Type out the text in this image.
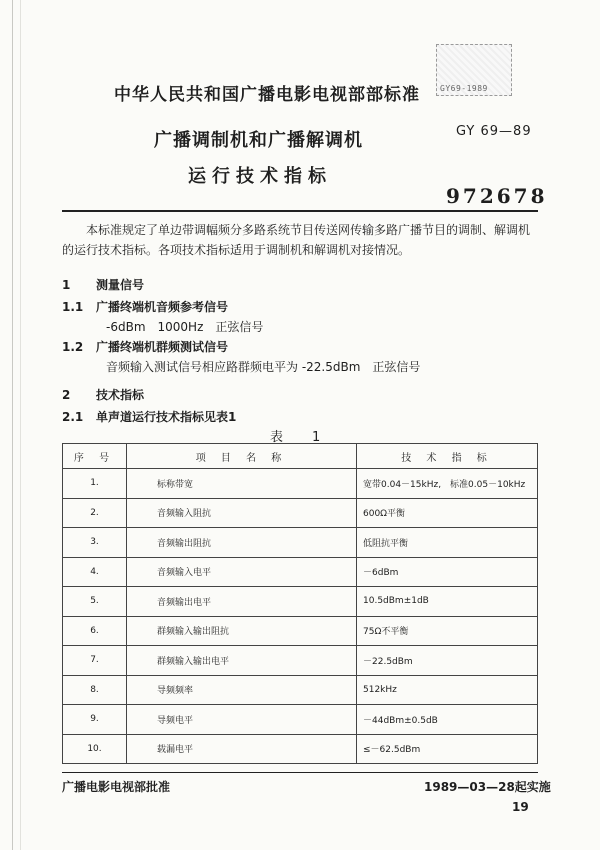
GY69-1989
中华人民共和国广播电影电视部部标准
广播调制机和广播解调机	GY 69—89
运行技术指标
972678
本标准规定了单边带调幅频分多路系统节目传送网传输多路广播节目的调制、解调机的运行技术指标。各项技术指标适用于调制机和解调机对接情况。
1 测量信号
1.1 广播终端机音频参考信号
-6dBm　1000Hz　正弦信号
1.2 广播终端机群频测试信号
音频输入测试信号相应路群频电平为 -22.5dBm　正弦信号
2 技术指标
2.1 单声道运行技术指标见表1
表　1
序 号	项 目 名 称	技 术 指 标
1.	标称带宽	宽带0.04－15kHz,　标准0.05－10kHz
2.	音频输入阻抗	600Ω平衡
3.	音频输出阻抗	低阻抗平衡
4.	音频输入电平	－6dBm
5.	音频输出电平	10.5dBm±1dB
6.	群频输入输出阻抗	75Ω不平衡
7.	群频输入输出电平	－22.5dBm
8.	导频频率	512kHz
9.	导频电平	－44dBm±0.5dB
10.	载漏电平	≤－62.5dBm
广播电影电视部批准	1989—03—28起实施
19
